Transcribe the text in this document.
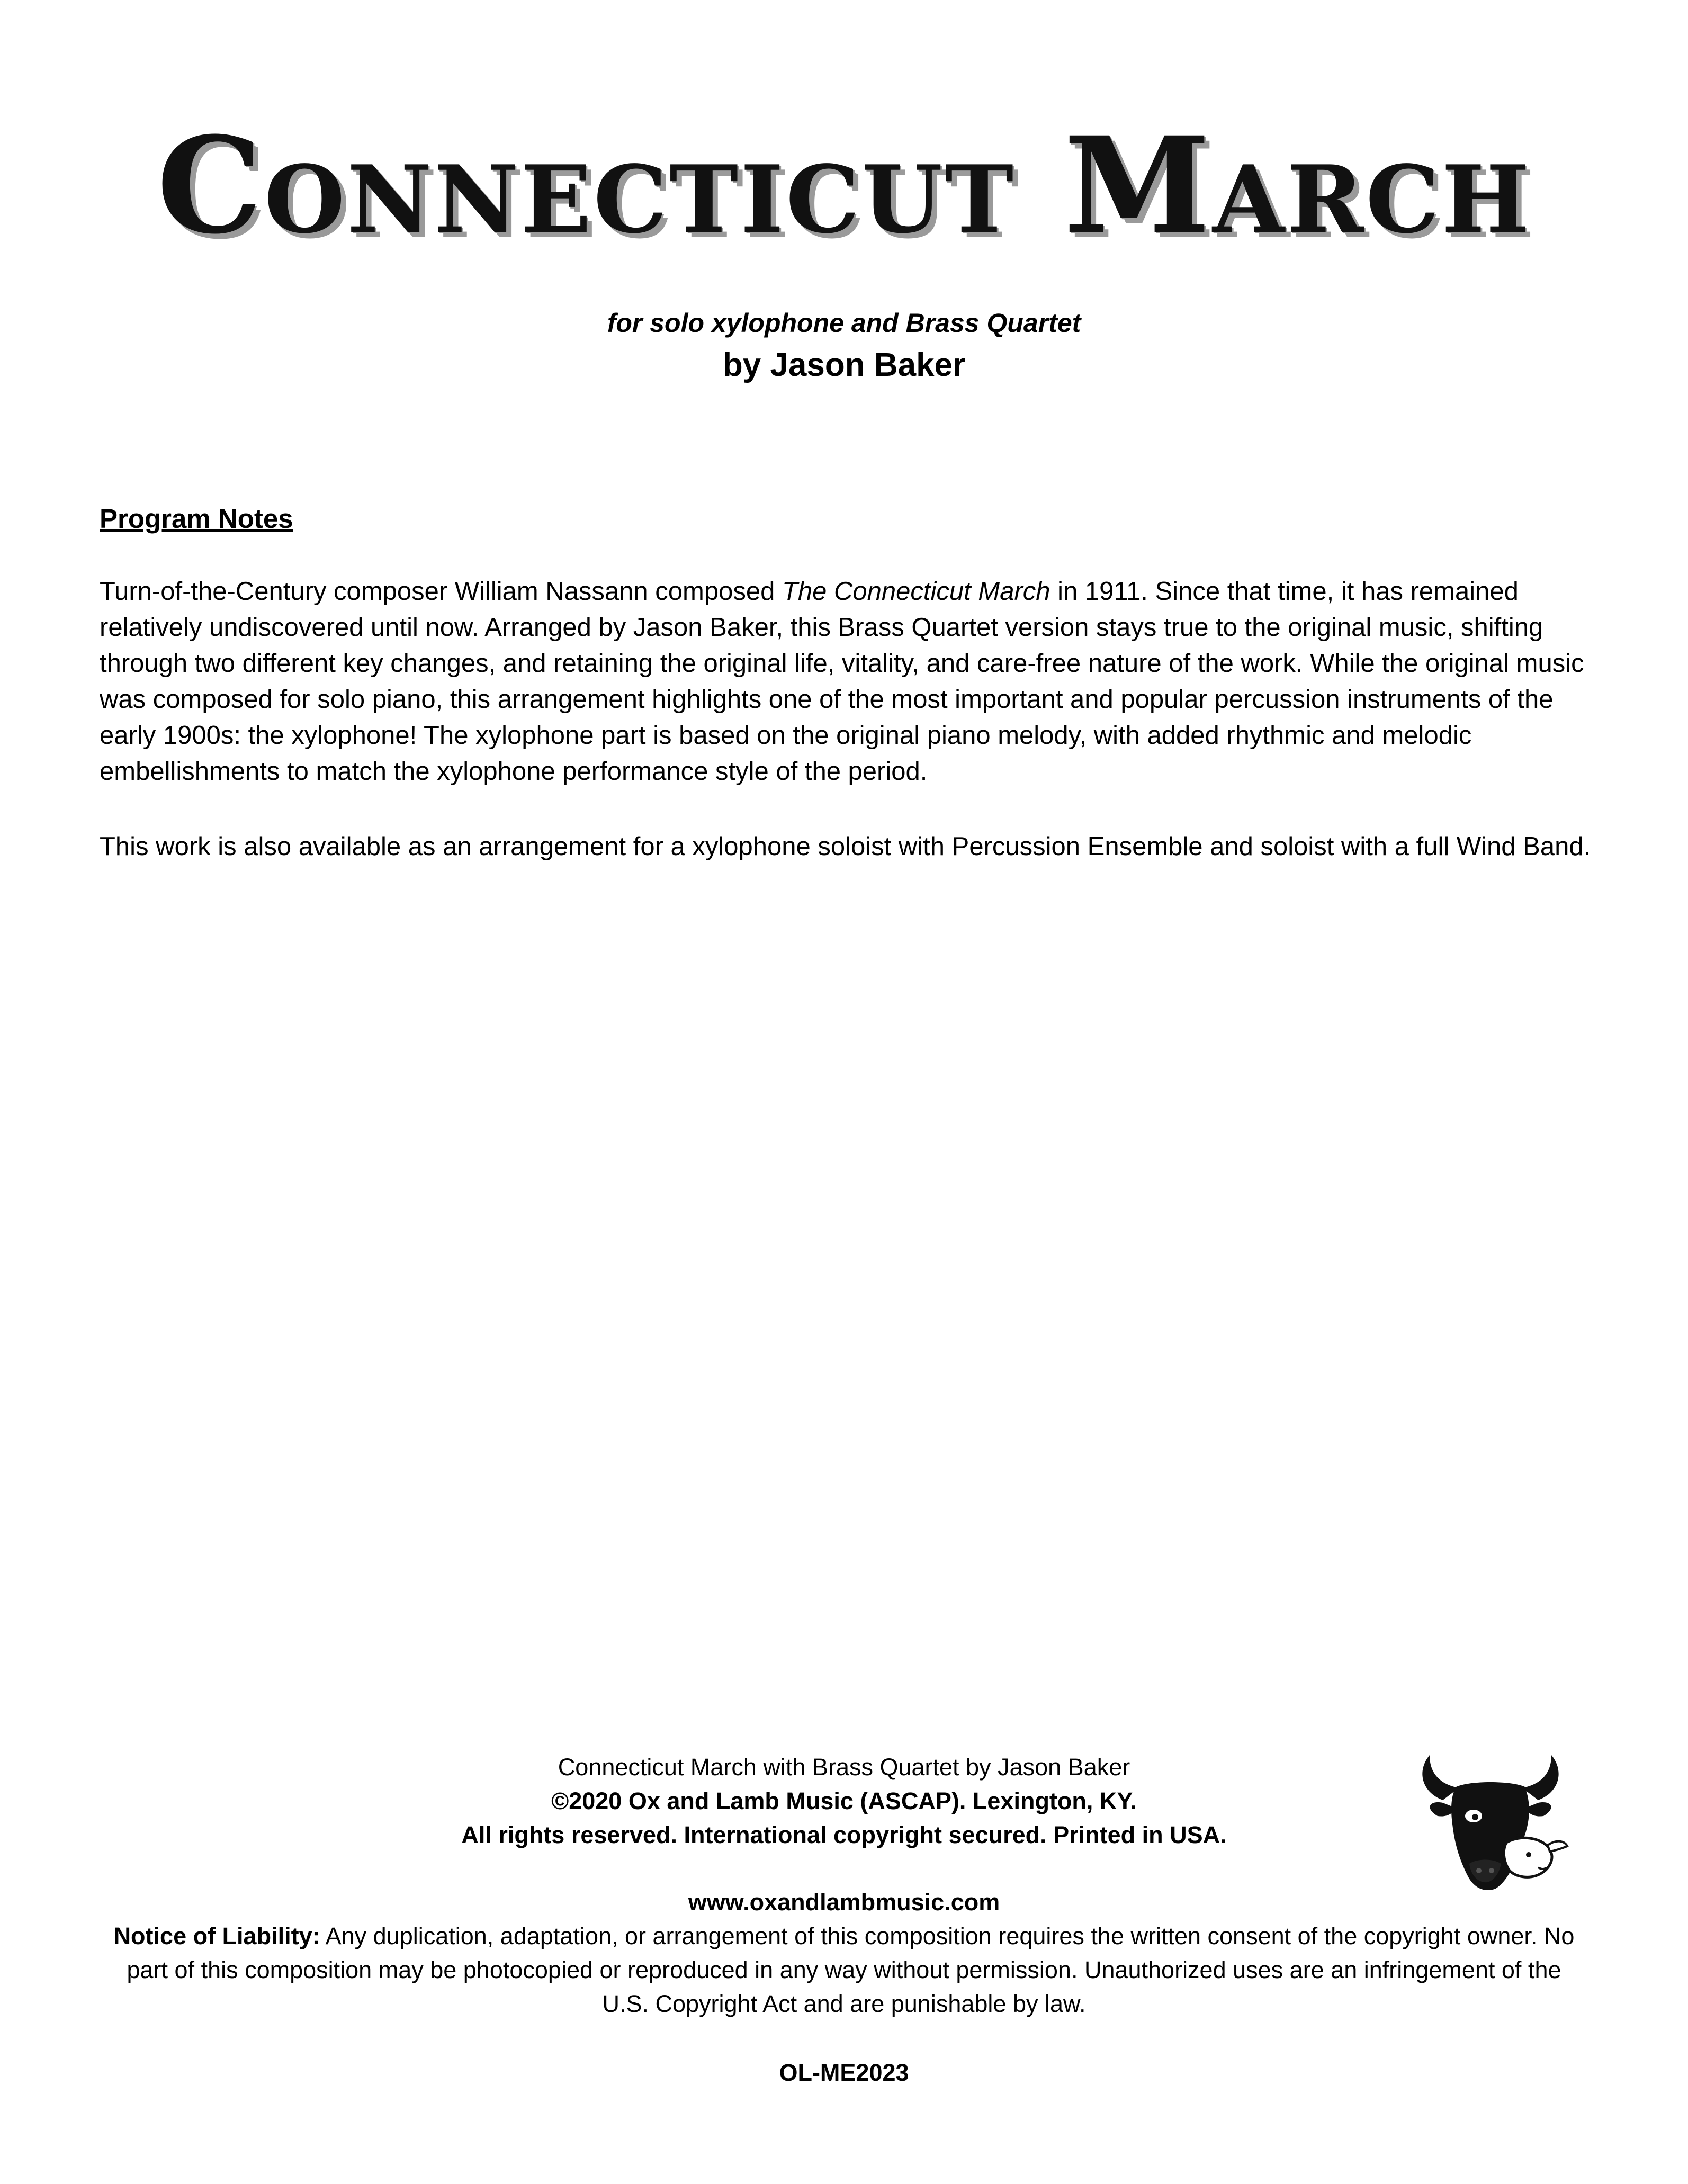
Connecticut March
for solo xylophone and Brass Quartet
by Jason Baker
Program Notes

Turn-of-the-Century composer William Nassann composed The Connecticut March in 1911. Since that time, it has remained relatively undiscovered until now. Arranged by Jason Baker, this Brass Quartet version stays true to the original music, shifting through two different key changes, and retaining the original life, vitality, and care-free nature of the work. While the original music was composed for solo piano, this arrangement highlights one of the most important and popular percussion instruments of the early 1900s: the xylophone! The xylophone part is based on the original piano melody, with added rhythmic and melodic embellishments to match the xylophone performance style of the period.

This work is also available as an arrangement for a xylophone soloist with Percussion Ensemble and soloist with a full Wind Band.

Connecticut March with Brass Quartet by Jason Baker
©2020 Ox and Lamb Music (ASCAP). Lexington, KY.
All rights reserved. International copyright secured. Printed in USA.
www.oxandlambmusic.com
Notice of Liability: Any duplication, adaptation, or arrangement of this composition requires the written consent of the copyright owner. No part of this composition may be photocopied or reproduced in any way without permission. Unauthorized uses are an infringement of the U.S. Copyright Act and are punishable by law.
OL-ME2023
